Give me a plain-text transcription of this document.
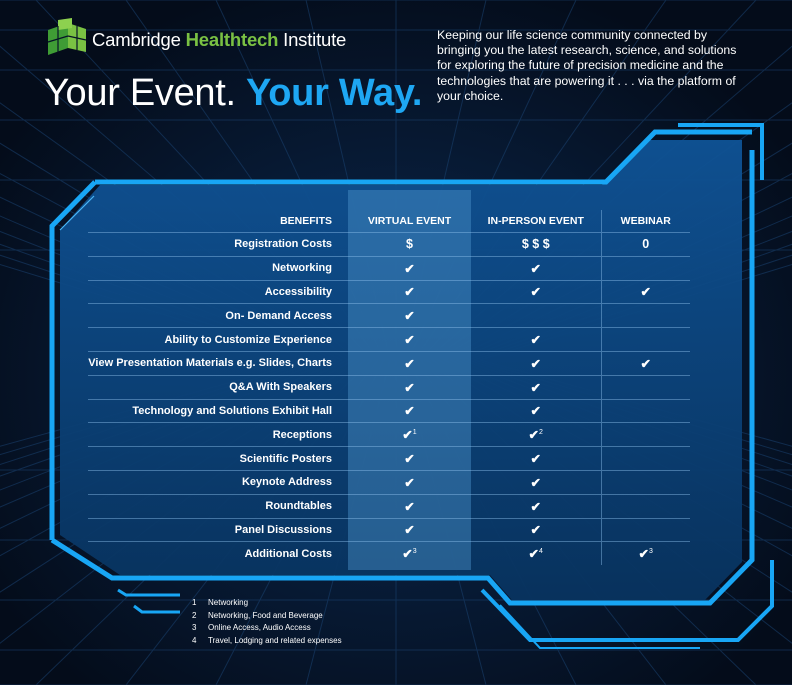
Cambridge Healthtech Institute
Your Event. Your Way.
Keeping our life science community connected by bringing you the latest research, science, and solutions for exploring the future of precision medicine and the technologies that are powering it . . . via the platform of your choice.
BENEFITS	VIRTUAL EVENT	IN-PERSON EVENT	WEBINAR
Registration Costs	$	$ $ $	0
Networking	✔	✔	
Accessibility	✔	✔	✔
On- Demand Access	✔		
Ability to Customize Experience	✔	✔	
View Presentation Materials e.g. Slides, Charts	✔	✔	✔
Q&A With Speakers	✔	✔	
Technology and Solutions Exhibit Hall	✔	✔	
Receptions	✔$^1$	✔$^2$	
Scientific Posters	✔	✔	
Keynote Address	✔	✔	
Roundtables	✔	✔	
Panel Discussions	✔	✔	
Additional Costs	✔$^3$	✔$^4$	✔$^3$
1 Networking
2 Networking, Food and Beverage
3 Online Access, Audio Access
4 Travel, Lodging and related expenses
